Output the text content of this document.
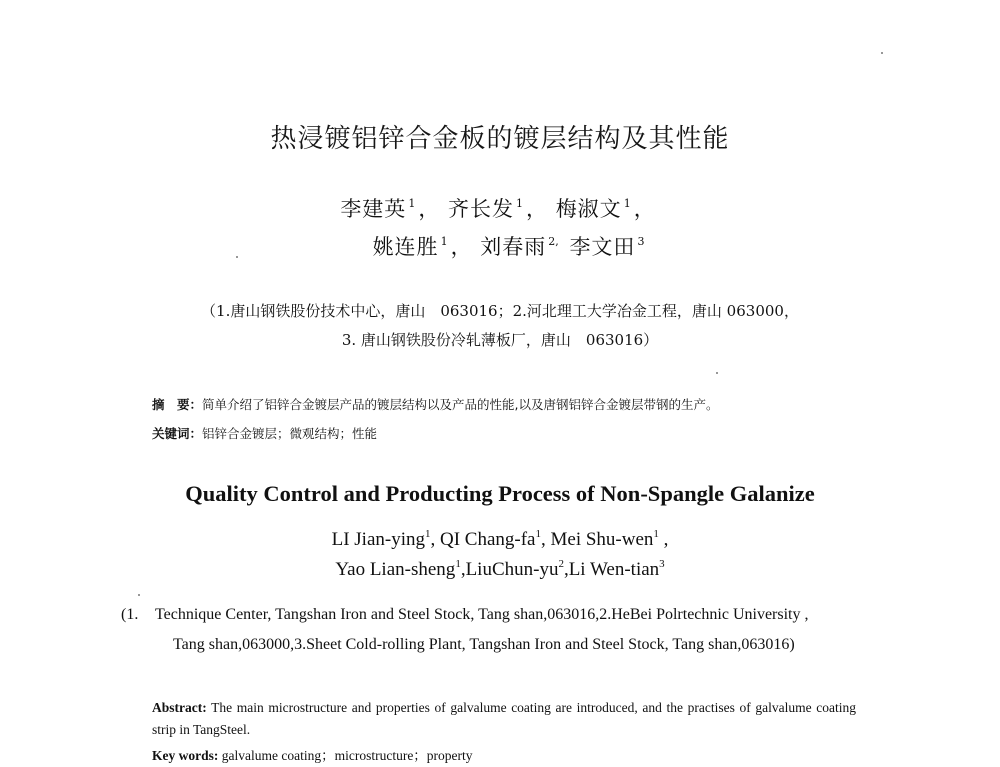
热浸镀铝锌合金板的镀层结构及其性能
李建英 $^1$ ， 齐长发 $^1$ ， 梅淑文 $^1$ ，
姚连胜 $^1$ ， 刘春雨 $^{2,}$ 李文田 $^3$
（1.唐山钢铁股份技术中心，唐山　063016；2.河北理工大学冶金工程，唐山 063000，
3. 唐山钢铁股份冷轧薄板厂，唐山　063016）
摘　要：简单介绍了铝锌合金镀层产品的镀层结构以及产品的性能,以及唐钢铝锌合金镀层带钢的生产。
关键词：铝锌合金镀层；微观结构；性能
Quality Control and Producting Process of Non-Spangle Galanize
LI Jian-ying$^1$, QI Chang-$fa^1$, Mei Shu-wen$^1$ ,
Yao Lian-$sheng^1,LiuChun-yu^2,Li$ Wen-tian$^3$
(1. Technique Center, Tangshan Iron and Steel Stock, Tang shan,063016,2.HeBei Polrtechnic University ,
Tang shan,063000,3.Sheet Cold-rolling Plant, Tangshan Iron and Steel Stock, Tang shan,063016)
Abstract: The main microstructure and properties of galvalume coating are introduced, and the practises of galvalume coating strip in TangSteel.
Key words: galvalume coating；microstructure；property
